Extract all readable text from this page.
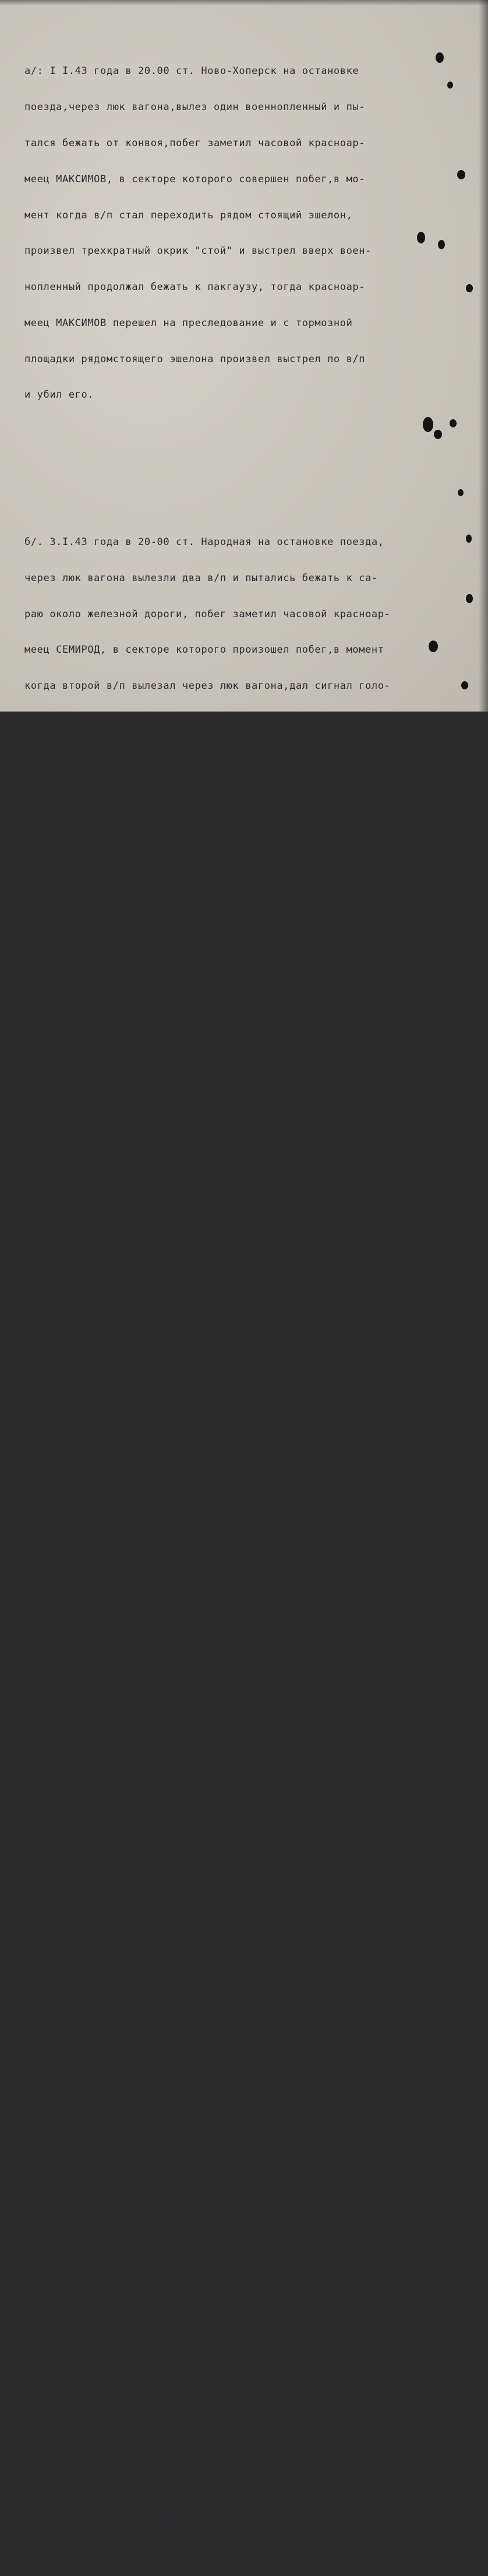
а/: I I.43 года в 20.00 ст. Ново-Хоперск на остановке

поезда,через люк вагона,вылез один военнопленный и пы-

тался бежать от конвоя,побег заметил часовой красноар-

меец МАКСИМОВ, в секторе которого совершен побег,в мо-

мент когда в/п стал переходить рядом стоящий эшелон,

произвел трехкратный окрик "стой" и выстрел вверх воен-

нопленный продолжал бежать к пакгаузу, тогда красноар-

меец МАКСИМОВ перешел на преследование и с тормозной

площадки рядомстоящего эшелона произвел выстрел по в/п

и убил его.

б/. 3.I.43 года в 20-00 ст. Народная на остановке поезда,

через люк вагона вылезли два в/п и пытались бежать к са-

раю около железной дороги, побег заметил часовой красноар-

меец СЕМИРОД, в секторе которого произошел побег,в момент

когда второй в/п вылезал через люк вагона,дал сигнал голо-

сом"побег" ,произвел окрик "стой" и выстрел в верх,в/п

продолжали бежать к сараю и пытались скрыться за сараем,

красноармеец СЕМИРОД перешел на преследование и открыл

огонь по убегающим, в результате применения оружия оба

военнопленные были убиты.

Причиной побегов военнопленных является:

I. наличие открытых люков вагонов,

2. недостаточная бдительность часовых, которые в момент

побега в/п заметили не своевременно, когда в/п уже вышли

из линии охраны.

3. Оперативная группа в момент побега в/п на преследование

не переходила, применение оружия часовыми,являясь как

крайняя мера,вошла в систему.

Все побеги ликвидированы составом конвоя.

8. Действия начальника конвоя ст. лейтенанта АЛЕЖИНА и

всего личного состава конвоя в момент бомбардировки были

правильны,начальник конвоя обеспечил правильно охрану и

вывел в/п в безопасное место, а также правильное решение

дальнейшего конвоирования в/п пешим порядком до следующей

станции.

В результате правильных действий не допустил не лик-

видированных побегов в/п.

Умелое и решительное действие конвоя при угрозе для

жизни, смело и решительно действовали красноармейцы:

КАЗАКОВ,ЗЛЕНКО,НАЙДЕН и сан.инструктор мл.сержант АКСЕНОВ

Хорошо было обеспечено питание конвоя,состав конвоя

бесперебойно и нормально питался на всем пути следования.

Два раза конвой проходил санитарную обработку со сме-

ной белья.

II

9.   Недочеты конвоя, нарушение службы и дисциплины:

а/. Красноармеец ЗЛЕНКО в момент смены часовых I.I.43 года

при отправке поезда со станции Ново-Хоперск отстал от поез-

да,на станции Балашов красноармеец ЗЛЕНКО был задержан

военным комендантом станции, как не имеющий документов.Ко-

мендант станции у красноармейца ЗЛЕНКО отобрал винтовку

№ 4057, противогаз № 0988 и направил его в часть гор. Сара-

тов.

б/  Красноармеец РОМАНЕНКО,будучи часовым на посту 31.I2.42
